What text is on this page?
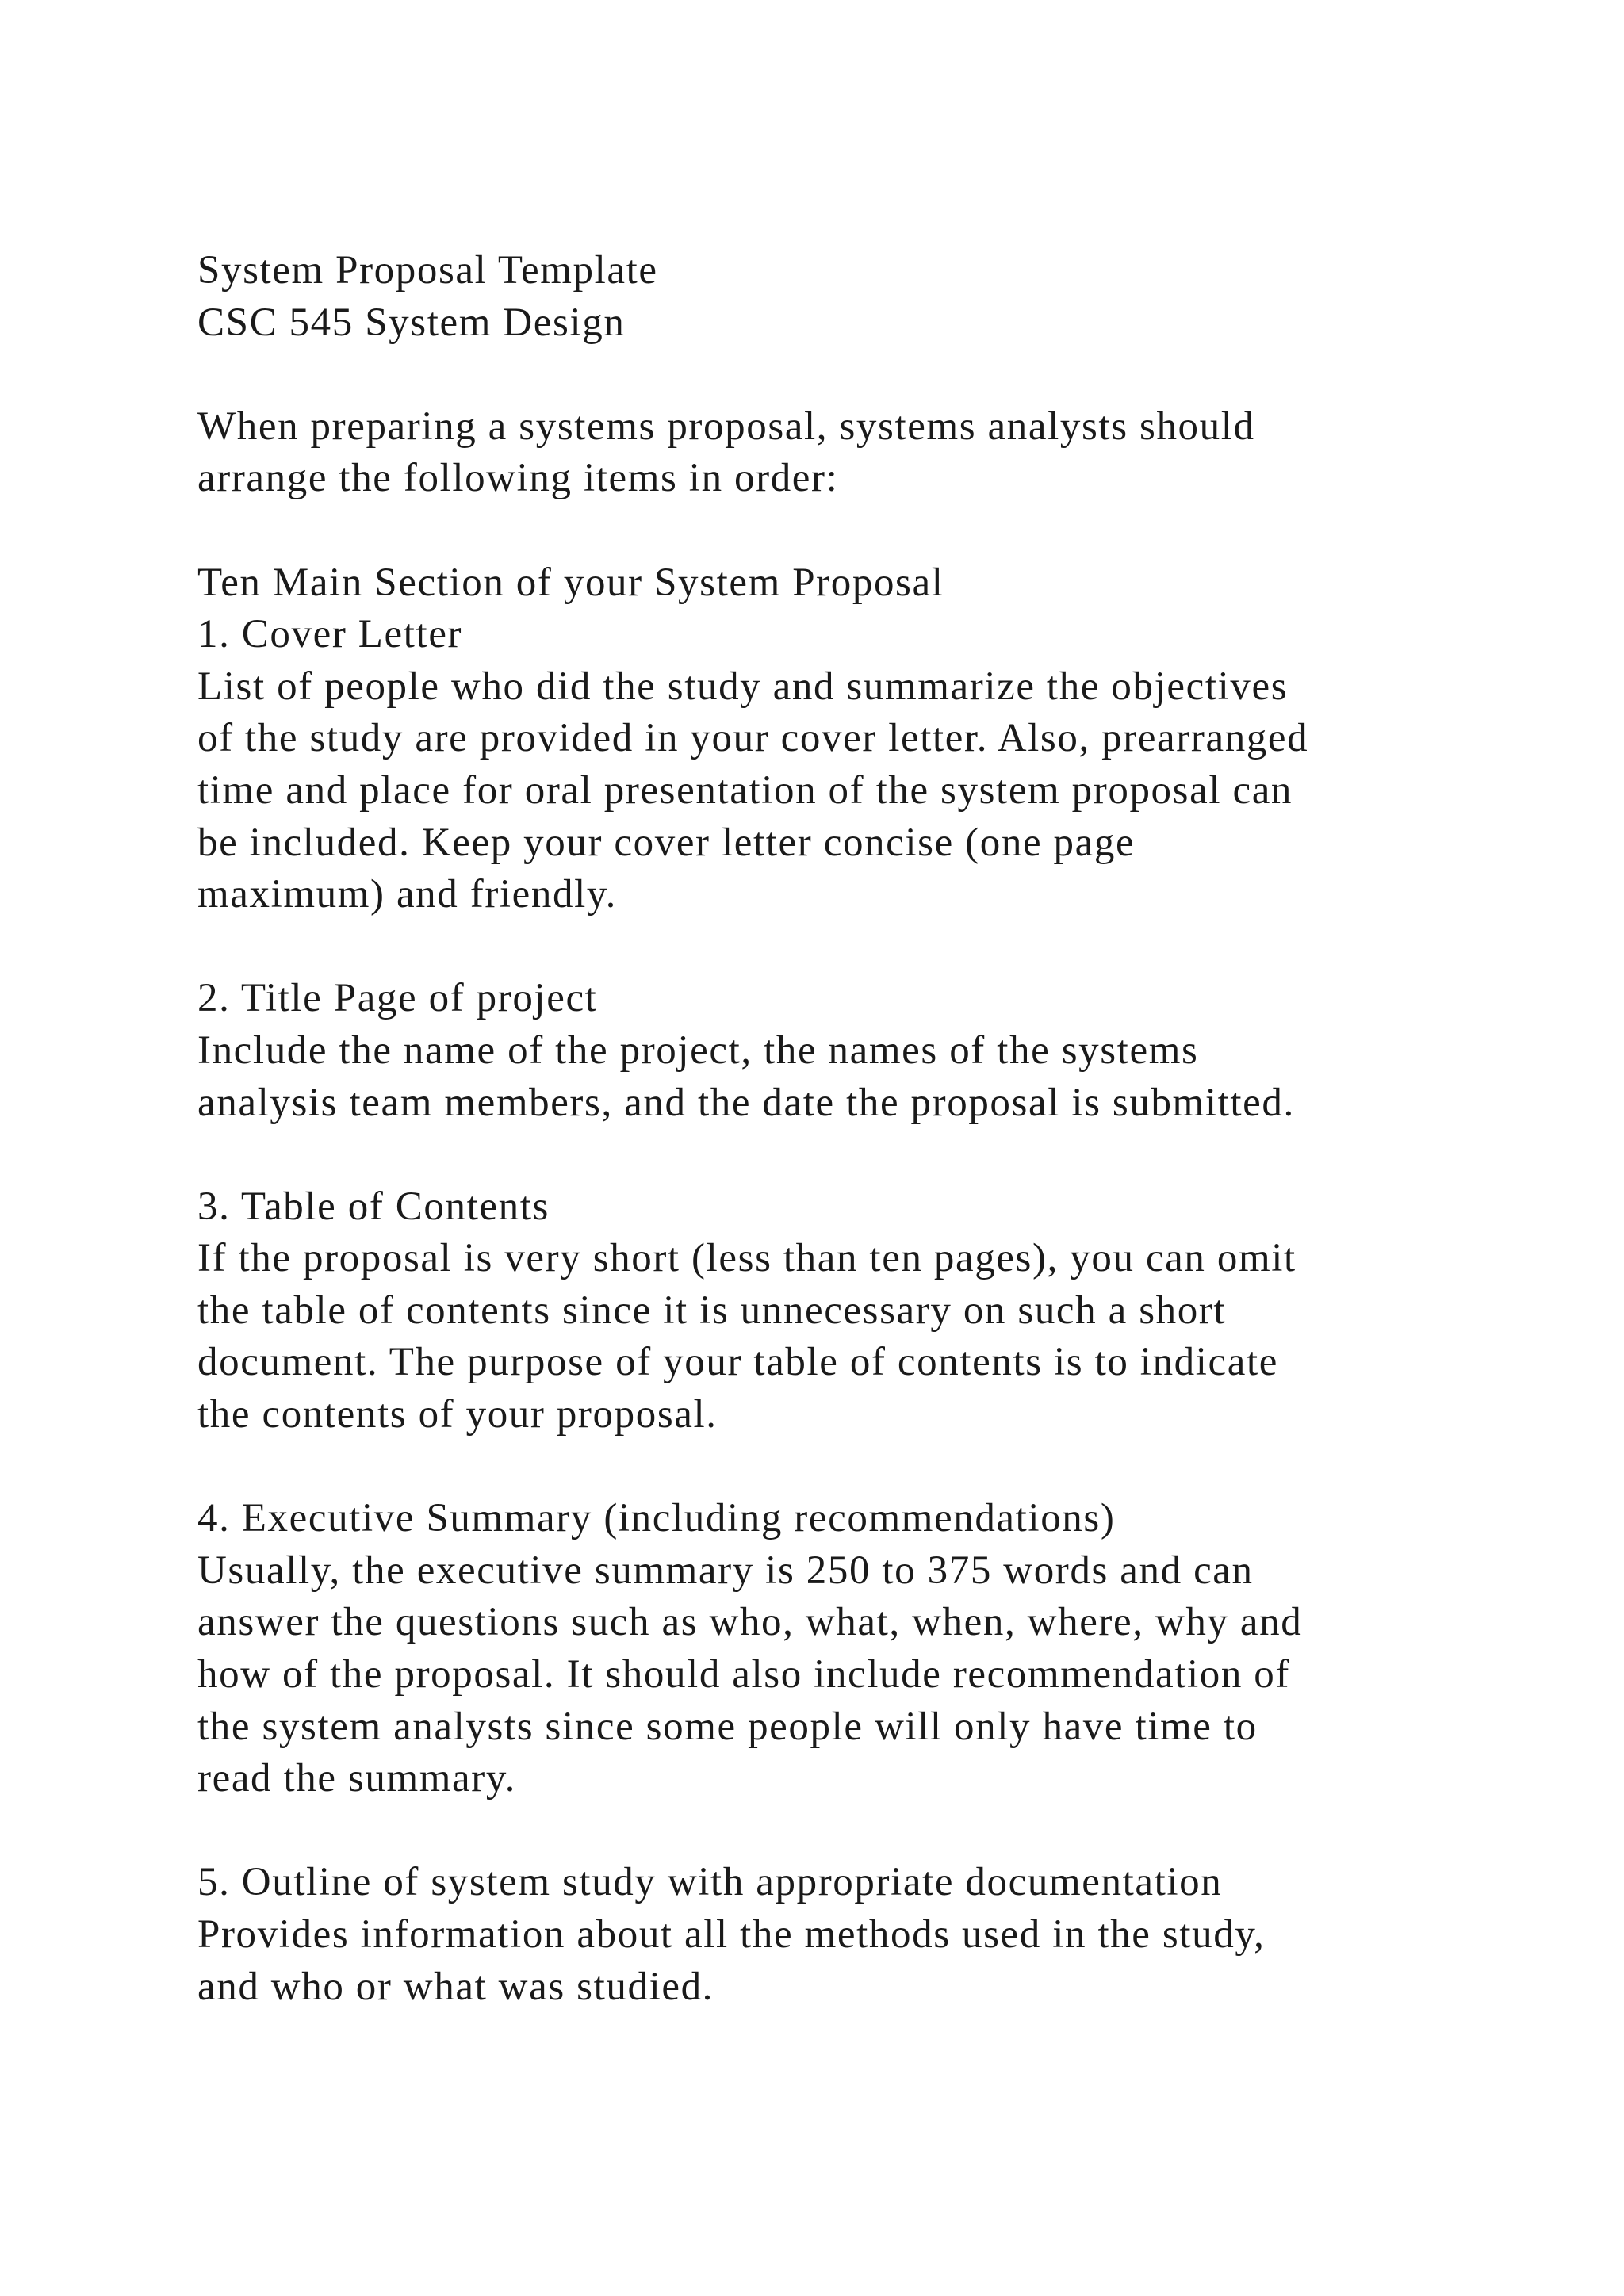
System Proposal Template
CSC 545 System Design
When preparing a systems proposal, systems analysts should
arrange the following items in order:
Ten Main Section of your System Proposal
1. Cover Letter
List of people who did the study and summarize the objectives
of the study are provided in your cover letter. Also, prearranged
time and place for oral presentation of the system proposal can
be included. Keep your cover letter concise (one page
maximum) and friendly.
2. Title Page of project
Include the name of the project, the names of the systems
analysis team members, and the date the proposal is submitted.
3. Table of Contents
If the proposal is very short (less than ten pages), you can omit
the table of contents since it is unnecessary on such a short
document. The purpose of your table of contents is to indicate
the contents of your proposal.
4. Executive Summary (including recommendations)
Usually, the executive summary is 250 to 375 words and can
answer the questions such as who, what, when, where, why and
how of the proposal. It should also include recommendation of
the system analysts since some people will only have time to
read the summary.
5. Outline of system study with appropriate documentation
Provides information about all the methods used in the study,
and who or what was studied.
